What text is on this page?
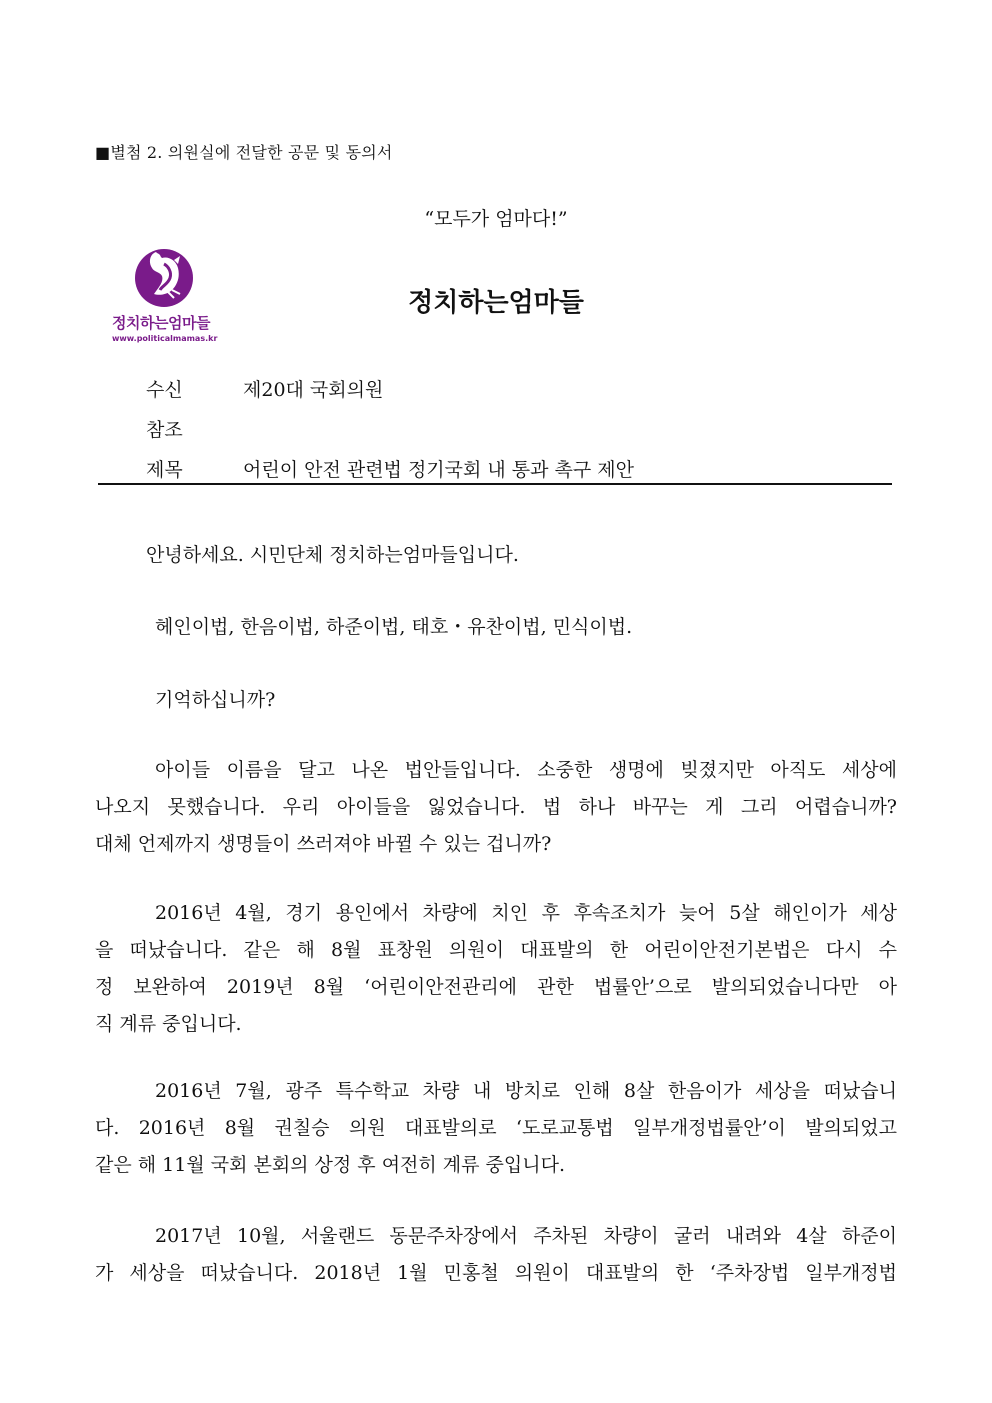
■별첨 2. 의원실에 전달한 공문 및 동의서
“모두가 엄마다!”
정치하는엄마들
www.politicalmamas.kr
정치하는엄마들
수신	제20대 국회의원
참조
제목	어린이 안전 관련법 정기국회 내 통과 촉구 제안
안녕하세요. 시민단체 정치하는엄마들입니다.
헤인이법, 한음이법, 하준이법, 태호・유찬이법, 민식이법.
기억하십니까?
아이들 이름을 달고 나온 법안들입니다. 소중한 생명에 빚졌지만 아직도 세상에
나오지 못했습니다. 우리 아이들을 잃었습니다. 법 하나 바꾸는 게 그리 어렵습니까?
대체 언제까지 생명들이 쓰러져야 바뀔 수 있는 겁니까?
2016년 4월, 경기 용인에서 차량에 치인 후 후속조치가 늦어 5살 해인이가 세상
을 떠났습니다. 같은 해 8월 표창원 의원이 대표발의 한 어린이안전기본법은 다시 수
정 보완하여 2019년 8월 ‘어린이안전관리에 관한 법률안’으로 발의되었습니다만 아
직 계류 중입니다.
2016년 7월, 광주 특수학교 차량 내 방치로 인해 8살 한음이가 세상을 떠났습니
다. 2016년 8월 권칠승 의원 대표발의로 ‘도로교통법 일부개정법률안’이 발의되었고
같은 해 11월 국회 본회의 상정 후 여전히 계류 중입니다.
2017년 10월, 서울랜드 동문주차장에서 주차된 차량이 굴러 내려와 4살 하준이
가 세상을 떠났습니다. 2018년 1월 민홍철 의원이 대표발의 한 ‘주차장법 일부개정법
